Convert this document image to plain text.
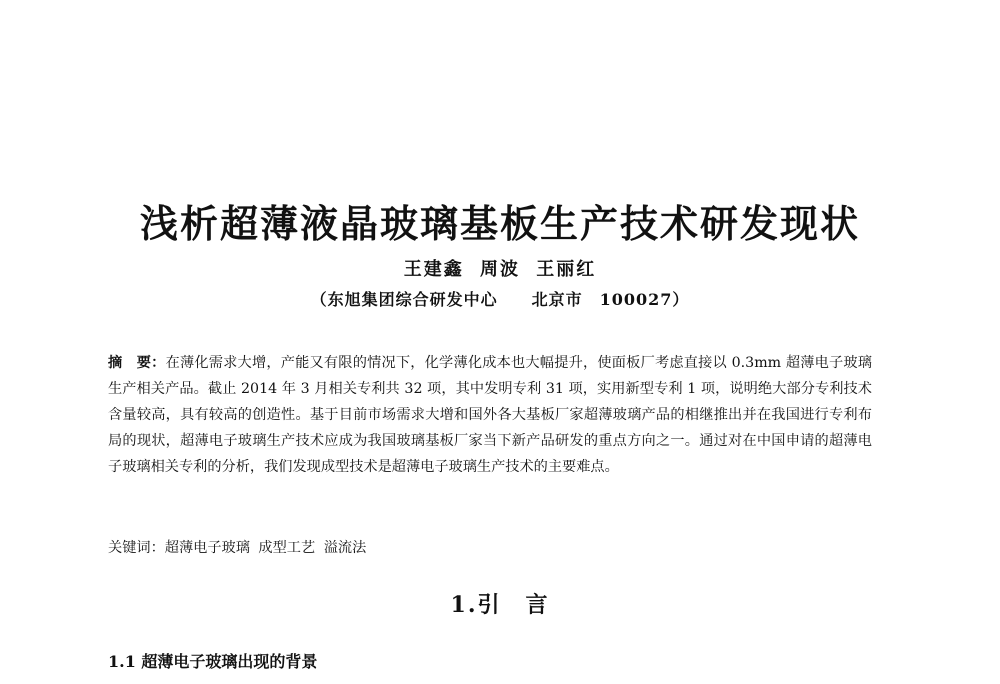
浅析超薄液晶玻璃基板生产技术研发现状
王建鑫 周波 王丽红
（东旭集团综合研发中心　　北京市　100027）

摘　要：在薄化需求大增，产能又有限的情况下，化学薄化成本也大幅提升，使面板厂考虑直接以 0.3mm 超薄电子玻璃生产相关产品。截止 2014 年 3 月相关专利共 32 项，其中发明专利 31 项，实用新型专利 1 项，说明绝大部分专利技术含量较高，具有较高的创造性。基于目前市场需求大增和国外各大基板厂家超薄玻璃产品的相继推出并在我国进行专利布局的现状，超薄电子玻璃生产技术应成为我国玻璃基板厂家当下新产品研发的重点方向之一。通过对在中国申请的超薄电子玻璃相关专利的分析，我们发现成型技术是超薄电子玻璃生产技术的主要难点。

关键词：超薄电子玻璃 成型工艺 溢流法

1.引　言
1.1 超薄电子玻璃出现的背景
